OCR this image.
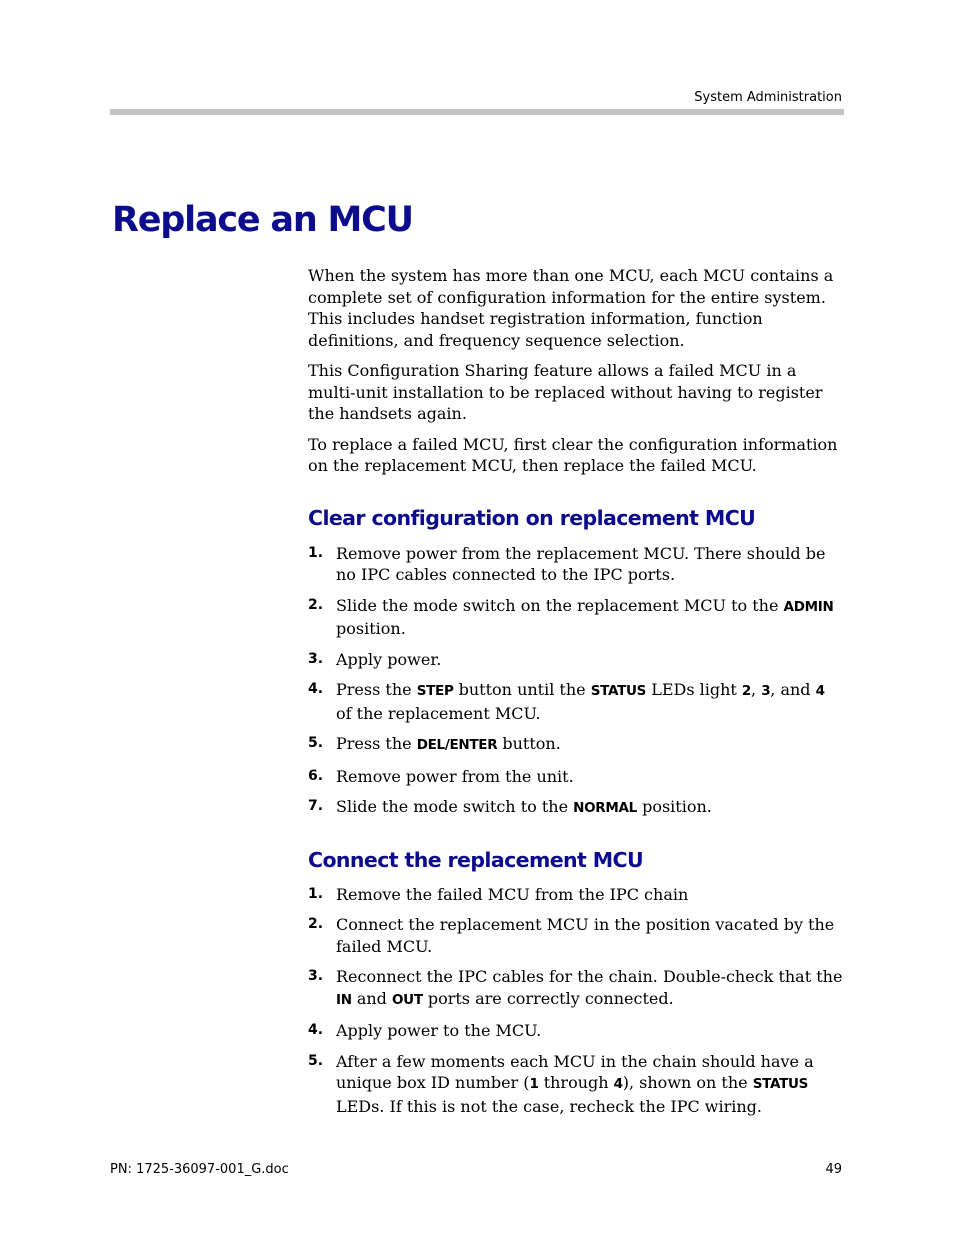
System Administration
Replace an MCU

When the system has more than one MCU, each MCU contains a complete set of configuration information for the entire system. This includes handset registration information, function definitions, and frequency sequence selection.

This Configuration Sharing feature allows a failed MCU in a multi-unit installation to be replaced without having to register the handsets again.

To replace a failed MCU, first clear the configuration information on the replacement MCU, then replace the failed MCU.

Clear configuration on replacement MCU
1. Remove power from the replacement MCU. There should be no IPC cables connected to the IPC ports.
2. Slide the mode switch on the replacement MCU to the ADMIN position.
3. Apply power.
4. Press the STEP button until the STATUS LEDs light 2, 3, and 4 of the replacement MCU.
5. Press the DEL/ENTER button.
6. Remove power from the unit.
7. Slide the mode switch to the NORMAL position.
Connect the replacement MCU
1. Remove the failed MCU from the IPC chain
2. Connect the replacement MCU in the position vacated by the failed MCU.
3. Reconnect the IPC cables for the chain. Double-check that the IN and OUT ports are correctly connected.
4. Apply power to the MCU.
5. After a few moments each MCU in the chain should have a unique box ID number (1 through 4), shown on the STATUS LEDs. If this is not the case, recheck the IPC wiring.
PN: 1725-36097-001_G.doc	49
